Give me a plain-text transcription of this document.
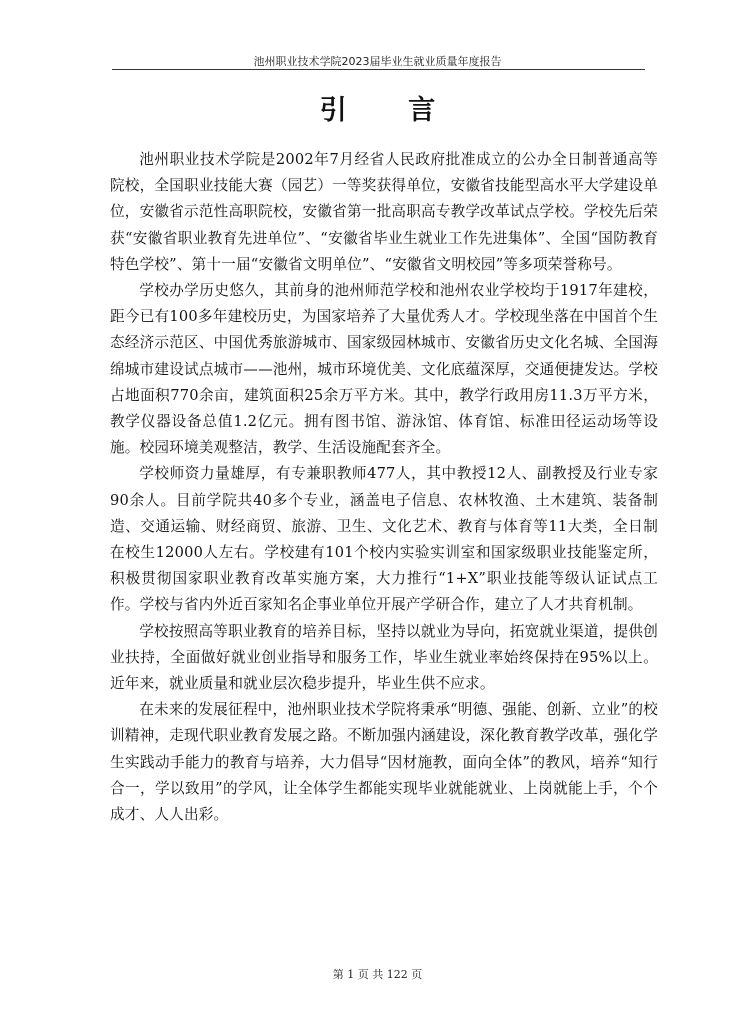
池州职业技术学院2023届毕业生就业质量年度报告
引 言

池州职业技术学院是2002年7月经省人民政府批准成立的公办全日制普通高等院校，全国职业技能大赛（园艺）一等奖获得单位，安徽省技能型高水平大学建设单位，安徽省示范性高职院校，安徽省第一批高职高专教学改革试点学校。学校先后荣获“安徽省职业教育先进单位”、“安徽省毕业生就业工作先进集体”、全国“国防教育特色学校”、第十一届“安徽省文明单位”、“安徽省文明校园”等多项荣誉称号。

学校办学历史悠久，其前身的池州师范学校和池州农业学校均于1917年建校，距今已有100多年建校历史，为国家培养了大量优秀人才。学校现坐落在中国首个生态经济示范区、中国优秀旅游城市、国家级园林城市、安徽省历史文化名城、全国海绵城市建设试点城市——池州，城市环境优美、文化底蕴深厚，交通便捷发达。学校占地面积770余亩，建筑面积25余万平方米。其中，教学行政用房11.3万平方米，教学仪器设备总值1.2亿元。拥有图书馆、游泳馆、体育馆、标准田径运动场等设施。校园环境美观整洁，教学、生活设施配套齐全。

学校师资力量雄厚，有专兼职教师477人，其中教授12人、副教授及行业专家90余人。目前学院共40多个专业，涵盖电子信息、农林牧渔、土木建筑、装备制造、交通运输、财经商贸、旅游、卫生、文化艺术、教育与体育等11大类，全日制在校生12000人左右。学校建有101个校内实验实训室和国家级职业技能鉴定所，积极贯彻国家职业教育改革实施方案，大力推行“1+X”职业技能等级认证试点工作。学校与省内外近百家知名企事业单位开展产学研合作，建立了人才共育机制。

学校按照高等职业教育的培养目标，坚持以就业为导向，拓宽就业渠道，提供创业扶持，全面做好就业创业指导和服务工作，毕业生就业率始终保持在95%以上。近年来，就业质量和就业层次稳步提升，毕业生供不应求。

在未来的发展征程中，池州职业技术学院将秉承“明德、强能、创新、立业”的校训精神，走现代职业教育发展之路。不断加强内涵建设，深化教育教学改革，强化学生实践动手能力的教育与培养，大力倡导“因材施教，面向全体”的教风，培养“知行合一，学以致用”的学风，让全体学生都能实现毕业就能就业、上岗就能上手，个个成才、人人出彩。

第 1 页 共 122 页
